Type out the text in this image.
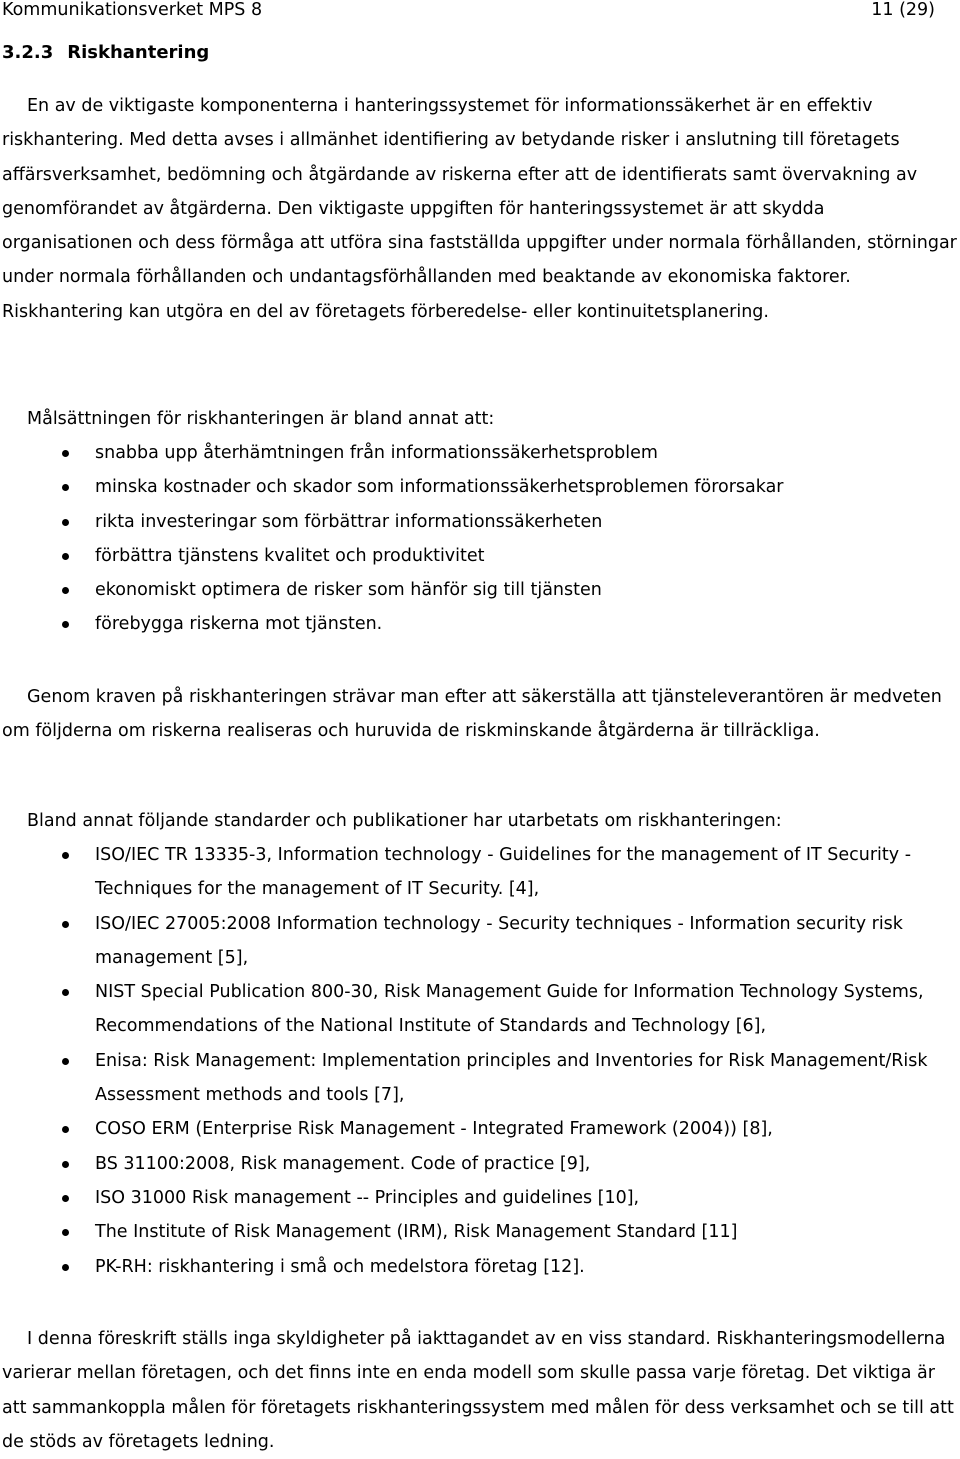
Kommunikationsverket MPS 8	11 (29)
3.2.3 Riskhantering

En av de viktigaste komponenterna i hanteringssystemet för informationssäkerhet är en effektiv riskhantering. Med detta avses i allmänhet identifiering av betydande risker i anslutning till företagets affärsverksamhet, bedömning och åtgärdande av riskerna efter att de identifierats samt övervakning av genomförandet av åtgärderna. Den viktigaste uppgiften för hanteringssystemet är att skydda organisationen och dess förmåga att utföra sina fastställda uppgifter under normala förhållanden, störningar under normala förhållanden och undantagsförhållanden med beaktande av ekonomiska faktorer. Riskhantering kan utgöra en del av företagets förberedelse- eller kontinuitetsplanering.

Målsättningen för riskhanteringen är bland annat att:

snabba upp återhämtningen från informationssäkerhetsproblem
minska kostnader och skador som informationssäkerhetsproblemen förorsakar
rikta investeringar som förbättrar informationssäkerheten
förbättra tjänstens kvalitet och produktivitet
ekonomiskt optimera de risker som hänför sig till tjänsten
förebygga riskerna mot tjänsten.

Genom kraven på riskhanteringen strävar man efter att säkerställa att tjänsteleverantören är medveten om följderna om riskerna realiseras och huruvida de riskminskande åtgärderna är tillräckliga.

Bland annat följande standarder och publikationer har utarbetats om riskhanteringen:

ISO/IEC TR 13335-3, Information technology - Guidelines for the management of IT Security - Techniques for the management of IT Security. [4],
ISO/IEC 27005:2008 Information technology - Security techniques - Information security risk management [5],
NIST Special Publication 800-30, Risk Management Guide for Information Technology Systems, Recommendations of the National Institute of Standards and Technology [6],
Enisa: Risk Management: Implementation principles and Inventories for Risk Management/Risk Assessment methods and tools [7],
COSO ERM (Enterprise Risk Management - Integrated Framework (2004)) [8],
BS 31100:2008, Risk management. Code of practice [9],
ISO 31000 Risk management -- Principles and guidelines [10],
The Institute of Risk Management (IRM), Risk Management Standard [11]
PK-RH: riskhantering i små och medelstora företag [12].

I denna föreskrift ställs inga skyldigheter på iakttagandet av en viss standard. Riskhanteringsmodellerna varierar mellan företagen, och det finns inte en enda modell som skulle passa varje företag. Det viktiga är att sammankoppla målen för företagets riskhanteringssystem med målen för dess verksamhet och se till att de stöds av företagets ledning.
